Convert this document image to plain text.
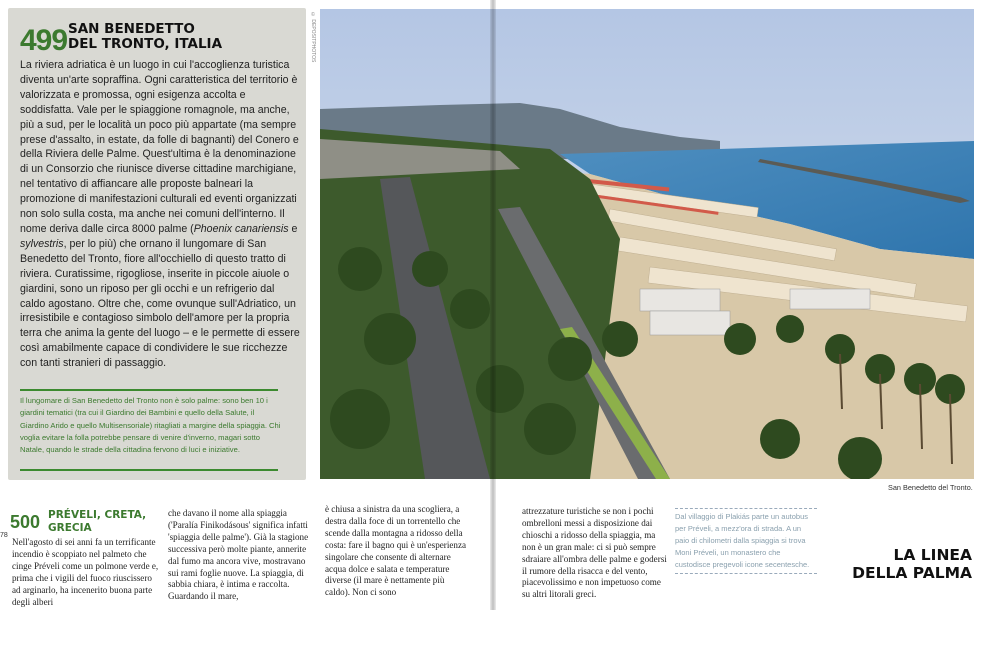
499 SAN BENEDETTO
DEL TRONTO, ITALIA
La riviera adriatica è un luogo in cui l'accoglienza turistica diventa un'arte sopraffina. Ogni caratteristica del territorio è valorizzata e promossa, ogni esigenza accolta e soddisfatta. Vale per le spiaggione romagnole, ma anche, più a sud, per le località un poco più appartate (ma sempre prese d'assalto, in estate, da folle di bagnanti) del Conero e della Riviera delle Palme. Quest'ultima è la denominazione di un Consorzio che riunisce diverse cittadine marchigiane, nel tentativo di affiancare alle proposte balneari la promozione di manifestazioni culturali ed eventi organizzati non solo sulla costa, ma anche nei comuni dell'interno. Il nome deriva dalle circa 8000 palme (Phoenix canariensis e sylvestris, per lo più) che ornano il lungomare di San Benedetto del Tronto, fiore all'occhiello di questo tratto di riviera. Curatissime, rigogliose, inserite in piccole aiuole o giardini, sono un riposo per gli occhi e un refrigerio dal caldo agostano. Oltre che, come ovunque sull'Adriatico, un irresistibile e contagioso simbolo dell'amore per la propria terra che anima la gente del luogo – e le permette di essere così amabilmente capace di condividere le sue ricchezze con tanti stranieri di passaggio.
Il lungomare di San Benedetto del Tronto non è solo palme: sono ben 10 i giardini tematici (tra cui il Giardino dei Bambini e quello della Salute, il Giardino Arido e quello Multisensoriale) ritagliati a margine della spiaggia. Chi voglia evitare la folla potrebbe pensare di venire d'inverno, magari sotto Natale, quando le strade della cittadina fervono di luci e iniziative.
© DEPOSITPHOTOS
San Benedetto del Tronto.
78
500 PRÉVELI, CRETA,
GRECIA
Nell'agosto di sei anni fa un terrificante incendio è scoppiato nel palmeto che cinge Préveli come un polmone verde e, prima che i vigili del fuoco riuscissero ad arginarlo, ha incenerito buona parte degli alberi
che davano il nome alla spiaggia ('Paralía Finikodásous' significa infatti 'spiaggia delle palme'). Già la stagione successiva però molte piante, annerite dal fumo ma ancora vive, mostravano sui rami foglie nuove. La spiaggia, di sabbia chiara, è intima e raccolta. Guardando il mare,
è chiusa a sinistra da una scogliera, a destra dalla foce di un torrentello che scende dalla montagna a ridosso della costa: fare il bagno qui è un'esperienza singolare che consente di alternare acqua dolce e salata e temperature diverse (il mare è nettamente più caldo). Non ci sono
attrezzature turistiche se non i pochi ombrelloni messi a disposizione dai chioschi a ridosso della spiaggia, ma non è un gran male: ci si può sempre sdraiare all'ombra delle palme e godersi il rumore della risacca e del vento, piacevolissimo e non impetuoso come su altri litorali greci.
Dal villaggio di Plakiás parte un autobus per Préveli, a mezz'ora di strada. A un paio di chilometri dalla spiaggia si trova Moni Préveli, un monastero che custodisce pregevoli icone secentesche.
LA LINEA
DELLA PALMA
